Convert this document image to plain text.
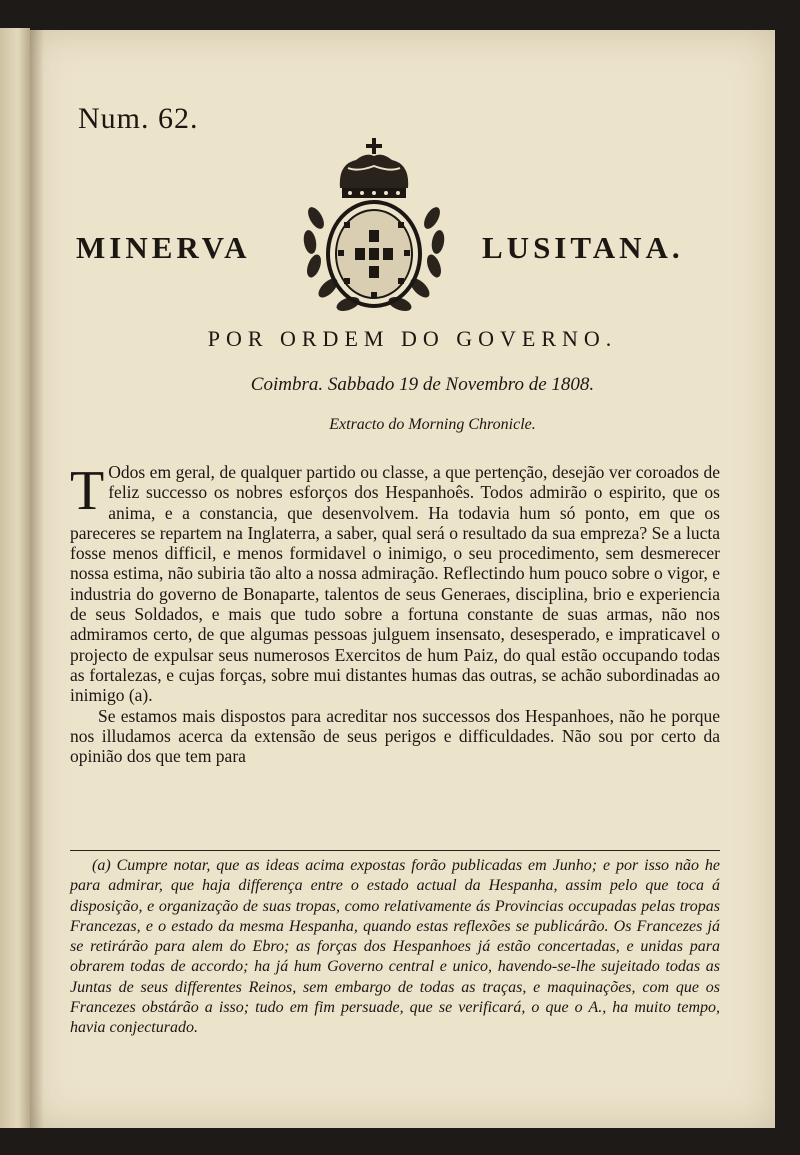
Num. 62.
MINERVA	LUSITANA.
POR ORDEM DO GOVERNO.
Coimbra. Sabbado 19 de Novembro de 1808.
Extracto do Morning Chronicle.

T Odos em geral, de qualquer partido ou classe, a que pertenção, desejão ver coroados de feliz successo os nobres esforços dos Hespanhoês. Todos admirão o espirito, que os anima, e a constancia, que desenvolvem. Ha todavia hum só ponto, em que os pareceres se repartem na Inglaterra, a saber, qual será o resultado da sua empreza? Se a lucta fosse menos difficil, e menos formidavel o inimigo, o seu procedimento, sem desmerecer nossa estima, não subiria tão alto a nossa admiração. Reflectindo hum pouco sobre o vigor, e industria do governo de Bonaparte, talentos de seus Generaes, disciplina, brio e experiencia de seus Soldados, e mais que tudo sobre a fortuna constante de suas armas, não nos admiramos certo, de que algumas pessoas julguem insensato, desesperado, e impraticavel o projecto de expulsar seus numerosos Exercitos de hum Paiz, do qual estão occupando todas as fortalezas, e cujas forças, sobre mui distantes humas das outras, se achão subordinadas ao inimigo (a).

Se estamos mais dispostos para acreditar nos successos dos Hespanhoes, não he porque nos illudamos acerca da extensão de seus perigos e difficuldades. Não sou por certo da opinião dos que tem para

(a) Cumpre notar, que as ideas acima expostas forão publicadas em Junho; e por isso não he para admirar, que haja differença entre o estado actual da Hespanha, assim pelo que toca á disposição, e organização de suas tropas, como relativamente ás Provincias occupadas pelas tropas Francezas, e o estado da mesma Hespanha, quando estas reflexões se publicárão. Os Francezes já se retirárão para alem do Ebro; as forças dos Hespanhoes já estão concertadas, e unidas para obrarem todas de accordo; ha já hum Governo central e unico, havendo-se-lhe sujeitado todas as Juntas de seus differentes Reinos, sem embargo de todas as traças, e maquinações, com que os Francezes obstárão a isso; tudo em fim persuade, que se verificará, o que o A., ha muito tempo, havia conjecturado.
